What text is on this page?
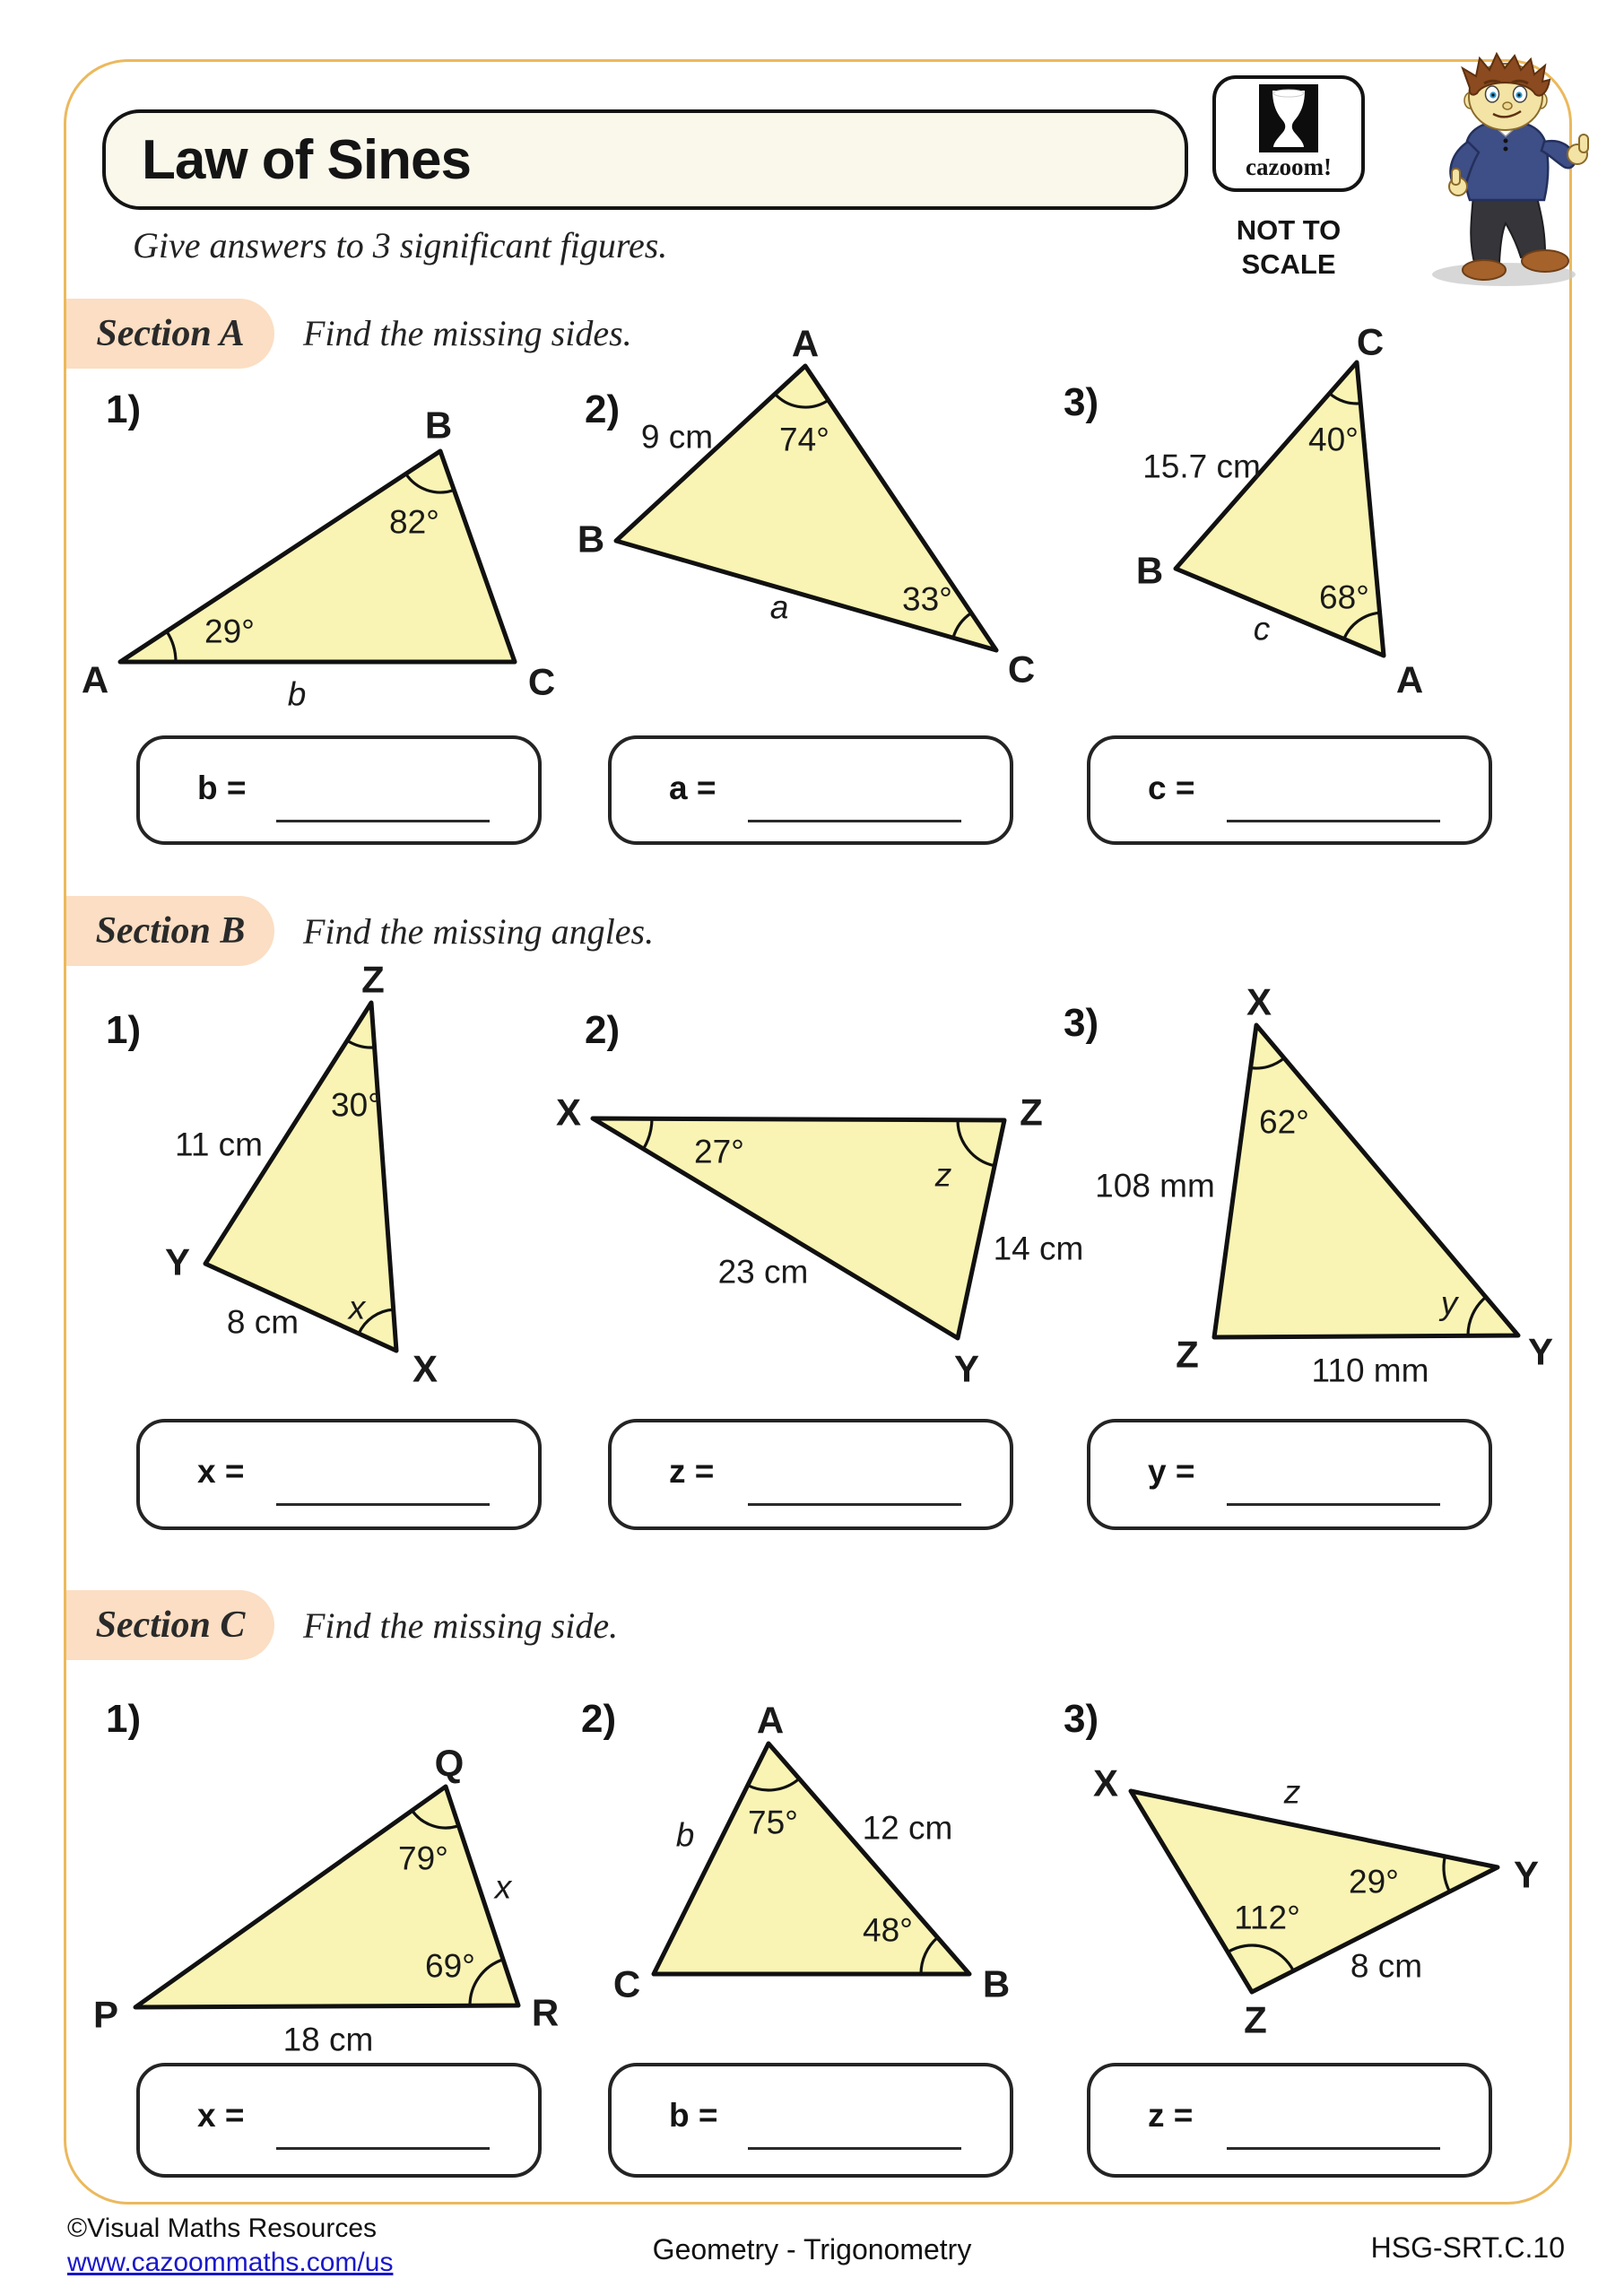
Law of Sines	cazoom!
NOT TO SCALE

Give answers to 3 significant figures.

Section A	Find the missing sides.
Section B	Find the missing angles.
Section C	Find the missing side.
1)	2)	3)
1)	2)	3)
1)	2)	3)
82°
29°
b
A
B
C
74°
33°
9 cm
a
A
B
C
40°
68°
15.7 cm
c
C
B
A
30°
x
11 cm
8 cm
Z
Y
X
27°
z
23 cm
14 cm
X	Z
Y
62°
y
108 mm
110 mm
X
Z	Y
79°
69°
18 cm
x
P
Q
R
75°
48°
b	12 cm
A
C	B
112°
29°
z
8 cm
X
Y
Z
b =	a =	c =
x =	z =	y =
x =	b =	z =
©Visual Maths Resources
www.cazoommaths.com/us	Geometry - Trigonometry	HSG-SRT.C.10
